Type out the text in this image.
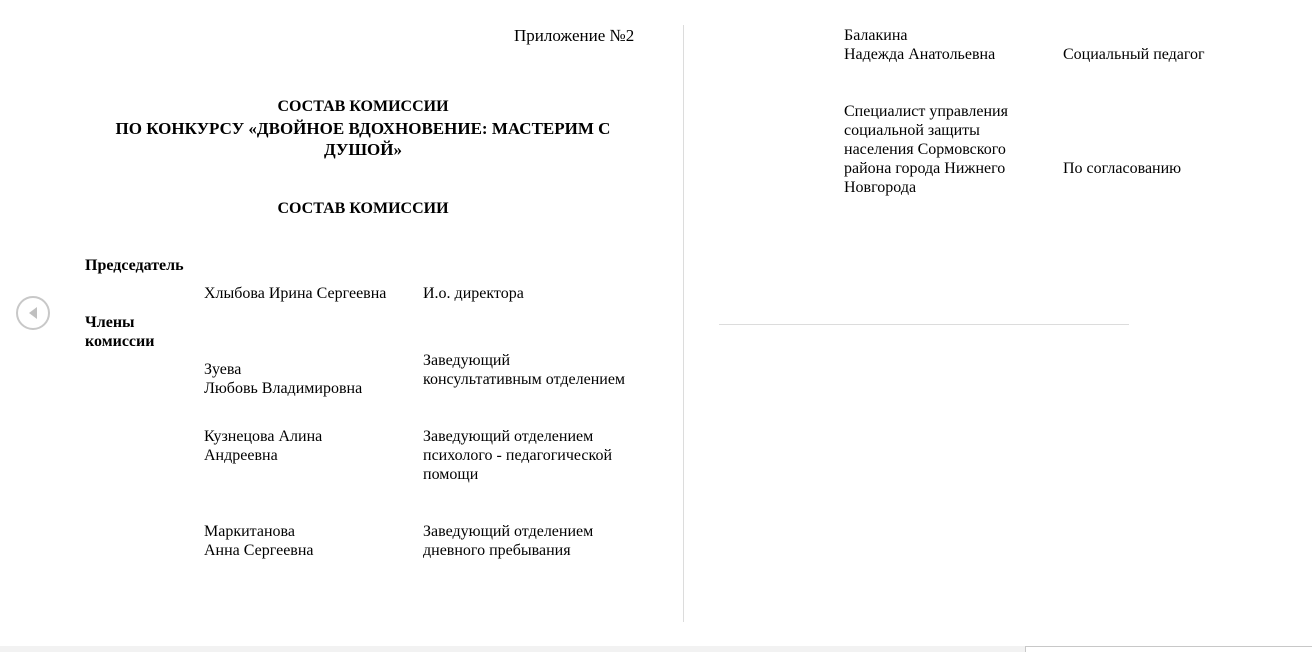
Приложение №2
СОСТАВ КОМИССИИ
ПО КОНКУРСУ «ДВОЙНОЕ ВДОХНОВЕНИЕ: МАСТЕРИМ С
ДУШОЙ»
СОСТАВ КОМИССИИ
Председатель
Хлыбова Ирина Сергеевна И.о. директора
Члены
комиссии
Зуева
Любовь Владимировна
Заведующий
консультативным отделением
Кузнецова Алина
Андреевна
Заведующий отделением
психолого - педагогической
помощи
Маркитанова
Анна Сергеевна
Заведующий отделением
дневного пребывания
Балакина
Надежда Анатольевна	Социальный педагог
Специалист управления
социальной защиты
населения Сормовского
района города Нижнего
Новгорода
По согласованию
